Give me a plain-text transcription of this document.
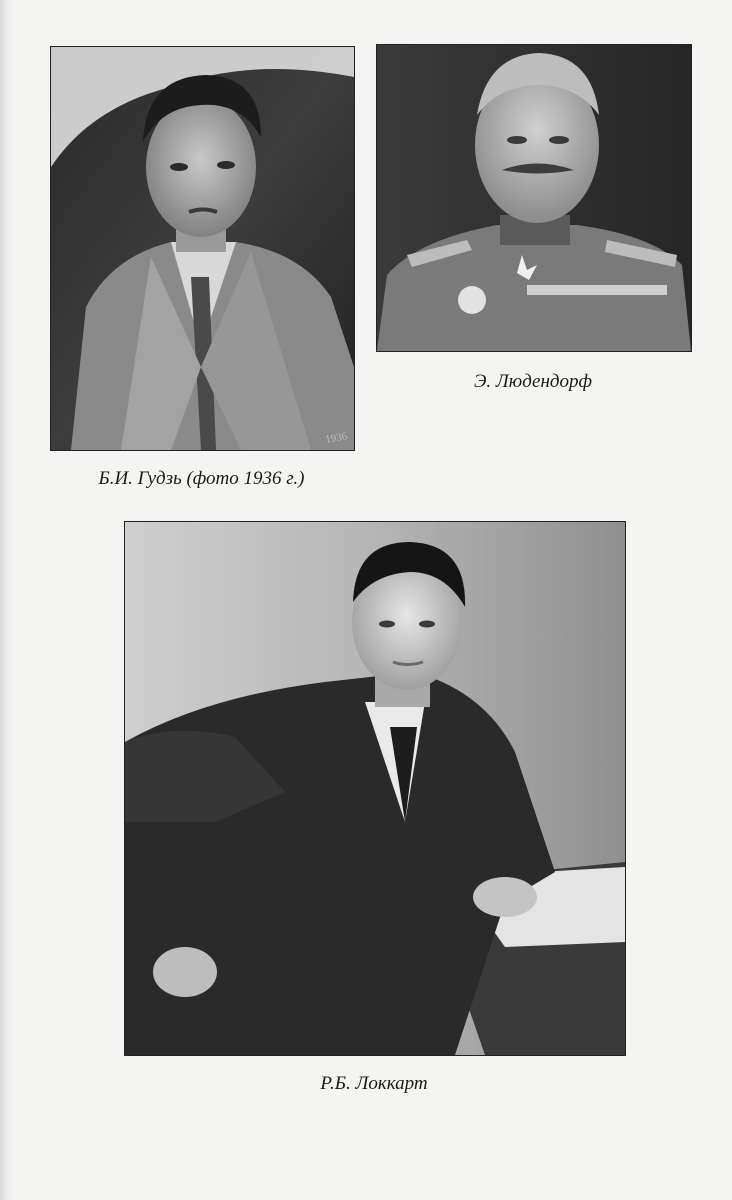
1936

Б.И. Гудзь (фото 1936 г.)

Э. Людендорф

Р.Б. Локкарт
